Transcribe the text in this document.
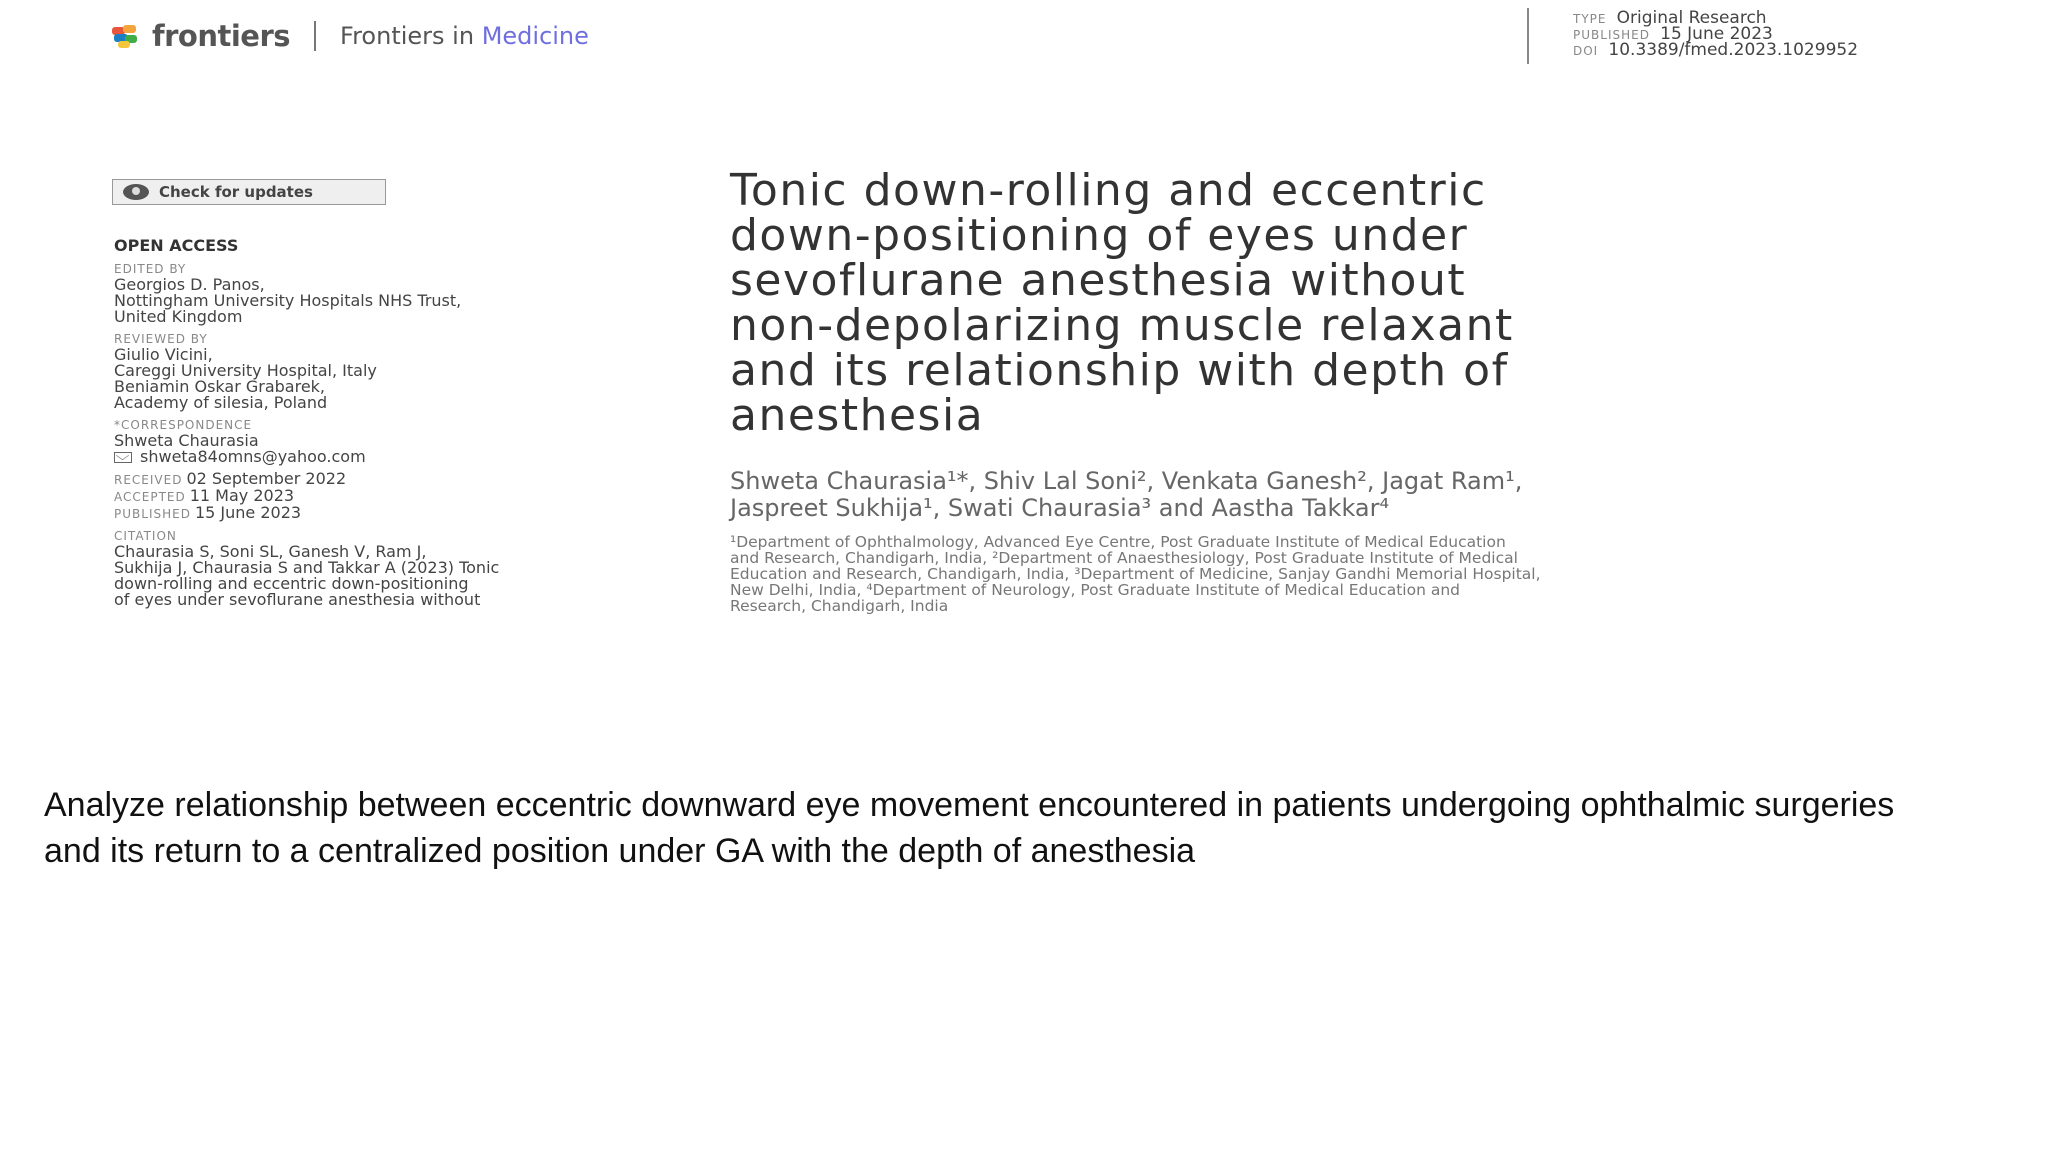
frontiers Frontiers in Medicine
TYPE Original Research
PUBLISHED 15 June 2023
DOI 10.3389/fmed.2023.1029952
Check for updates
OPEN ACCESS
EDITED BY
Georgios D. Panos,
Nottingham University Hospitals NHS Trust,
United Kingdom
REVIEWED BY
Giulio Vicini,
Careggi University Hospital, Italy
Beniamin Oskar Grabarek,
Academy of silesia, Poland
*CORRESPONDENCE
Shweta Chaurasia
shweta84omns@yahoo.com
RECEIVED 02 September 2022
ACCEPTED 11 May 2023
PUBLISHED 15 June 2023
CITATION
Chaurasia S, Soni SL, Ganesh V, Ram J,
Sukhija J, Chaurasia S and Takkar A (2023) Tonic
down-rolling and eccentric down-positioning
of eyes under sevoflurane anesthesia without
Tonic down-rolling and eccentric
down-positioning of eyes under
sevoflurane anesthesia without
non-depolarizing muscle relaxant
and its relationship with depth of
anesthesia
Shweta Chaurasia¹*, Shiv Lal Soni², Venkata Ganesh², Jagat Ram¹,
Jaspreet Sukhija¹, Swati Chaurasia³ and Aastha Takkar⁴
¹Department of Ophthalmology, Advanced Eye Centre, Post Graduate Institute of Medical Education
and Research, Chandigarh, India, ²Department of Anaesthesiology, Post Graduate Institute of Medical
Education and Research, Chandigarh, India, ³Department of Medicine, Sanjay Gandhi Memorial Hospital,
New Delhi, India, ⁴Department of Neurology, Post Graduate Institute of Medical Education and
Research, Chandigarh, India
Analyze relationship between eccentric downward eye movement encountered in patients undergoing ophthalmic surgeries
and its return to a centralized position under GA with the depth of anesthesia
